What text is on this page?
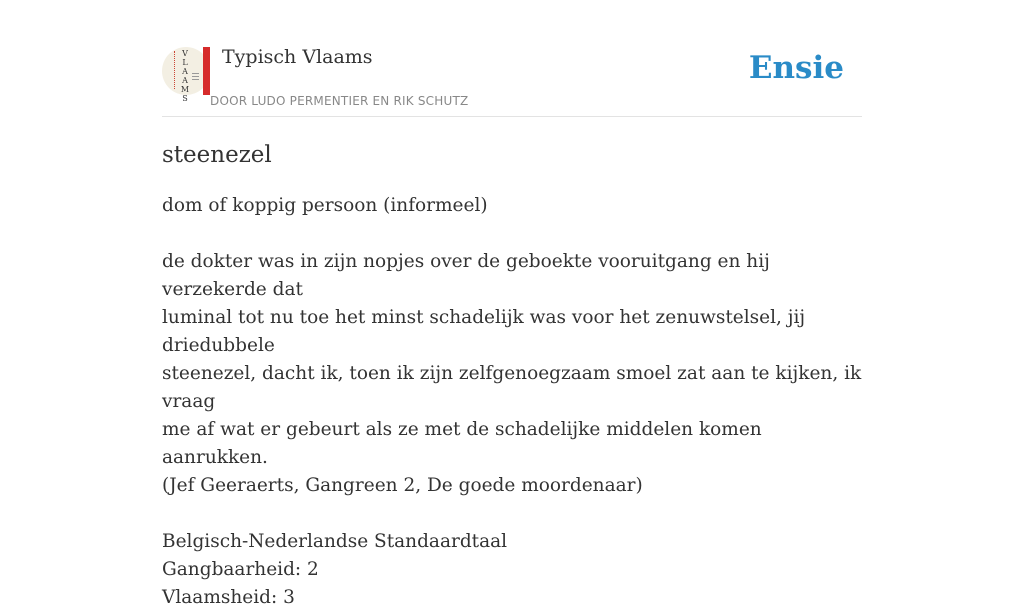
V
L
A
A
M
S
Typisch Vlaams
DOOR LUDO PERMENTIER EN RIK SCHUTZ
Ensie
steenezel
dom of koppig persoon (informeel)
de dokter was in zijn nopjes over de geboekte vooruitgang en hij verzekerde dat
luminal tot nu toe het minst schadelijk was voor het zenuwstelsel, jij driedubbele
steenezel, dacht ik, toen ik zijn zelfgenoegzaam smoel zat aan te kijken, ik vraag
me af wat er gebeurt als ze met de schadelijke middelen komen aanrukken.
(Jef Geeraerts, Gangreen 2, De goede moordenaar)
Belgisch-Nederlandse Standaardtaal
Gangbaarheid: 2
Vlaamsheid: 3
